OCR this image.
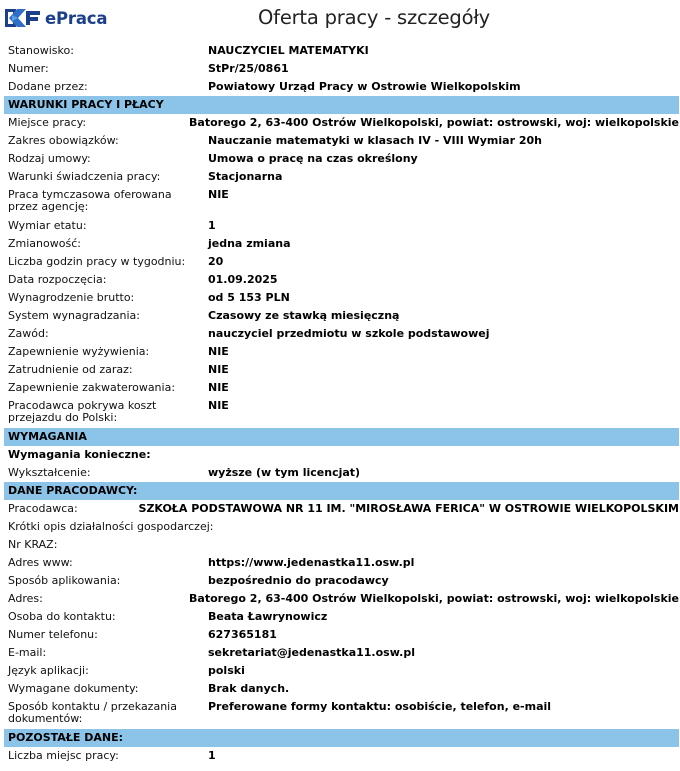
ePraca	Oferta pracy - szczegóły
Stanowisko:	NAUCZYCIEL MATEMATYKI
Numer:	StPr/25/0861
Dodane przez:	Powiatowy Urząd Pracy w Ostrowie Wielkopolskim
WARUNKI PRACY I PŁACY
Miejsce pracy:	Batorego 2, 63-400 Ostrów Wielkopolski, powiat: ostrowski, woj: wielkopolskie
Zakres obowiązków:	Nauczanie matematyki w klasach IV - VIII Wymiar 20h
Rodzaj umowy:	Umowa o pracę na czas określony
Warunki świadczenia pracy:	Stacjonarna
Praca tymczasowa oferowana przez agencję:
NIE
Wymiar etatu:	1
Zmianowość:	jedna zmiana
Liczba godzin pracy w tygodniu:	20
Data rozpoczęcia:	01.09.2025
Wynagrodzenie brutto:	od 5 153 PLN
System wynagradzania:	Czasowy ze stawką miesięczną
Zawód:	nauczyciel przedmiotu w szkole podstawowej
Zapewnienie wyżywienia:	NIE
Zatrudnienie od zaraz:	NIE
Zapewnienie zakwaterowania:	NIE
Pracodawca pokrywa koszt przejazdu do Polski:
NIE
WYMAGANIA
Wymagania konieczne:
Wykształcenie:	wyższe (w tym licencjat)
DANE PRACODAWCY:
Pracodawca:	SZKOŁA PODSTAWOWA NR 11 IM. "MIROSŁAWA FERICA" W OSTROWIE WIELKOPOLSKIM
Krótki opis działalności gospodarczej:
Nr KRAZ:
Adres www:	https://www.jedenastka11.osw.pl
Sposób aplikowania:	bezpośrednio do pracodawcy
Adres:	Batorego 2, 63-400 Ostrów Wielkopolski, powiat: ostrowski, woj: wielkopolskie
Osoba do kontaktu:	Beata Ławrynowicz
Numer telefonu:	627365181
E-mail:	sekretariat@jedenastka11.osw.pl
Język aplikacji:	polski
Wymagane dokumenty:	Brak danych.
Sposób kontaktu / przekazania dokumentów:
Preferowane formy kontaktu: osobiście, telefon, e-mail
POZOSTAŁE DANE:
Liczba miejsc pracy:	1
